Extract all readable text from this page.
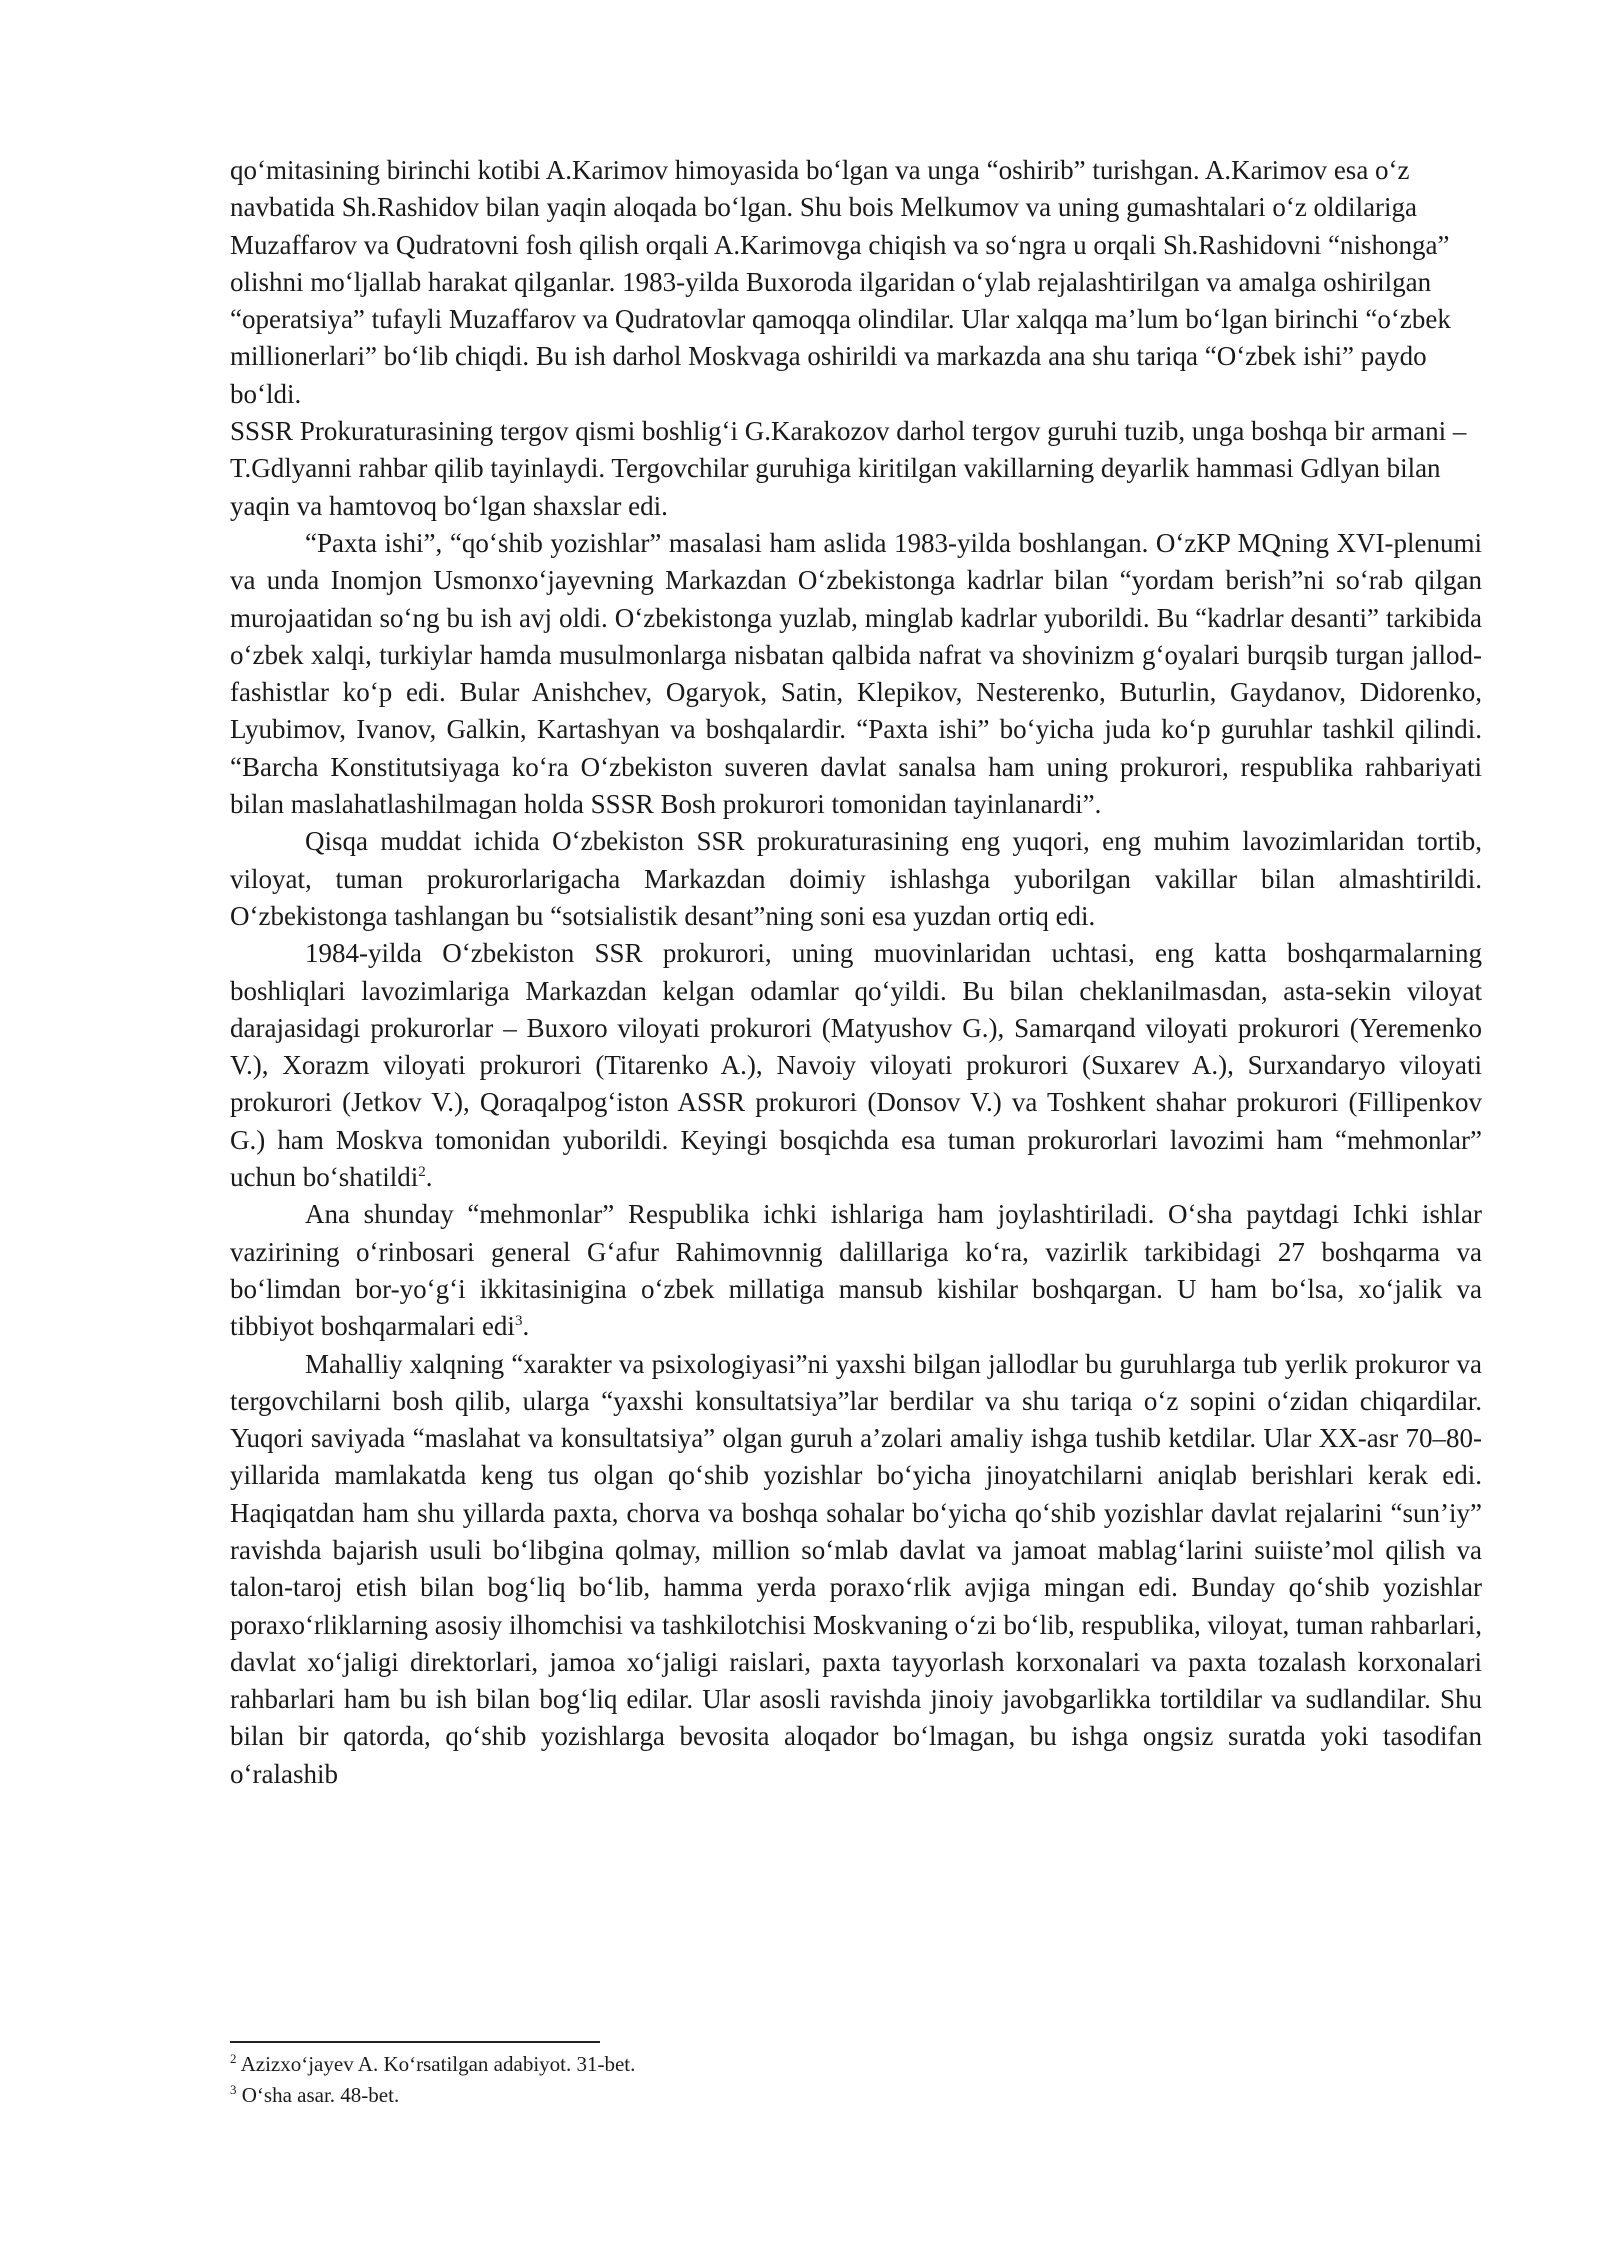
qo‘mitasining birinchi kotibi A.Karimov himoyasida bo‘lgan va unga “oshirib” turishgan. A.Karimov esa o‘z navbatida Sh.Rashidov bilan yaqin aloqada bo‘lgan. Shu bois Melkumov va uning gumashtalari o‘z oldilariga Muzaffarov va Qudratovni fosh qilish orqali A.Karimovga chiqish va so‘ngra u orqali Sh.Rashidovni “nishonga” olishni mo‘ljallab harakat qilganlar. 1983-yilda Buxoroda ilgaridan o‘ylab rejalashtirilgan va amalga oshirilgan “operatsiya” tufayli Muzaffarov va Qudratovlar qamoqqa olindilar. Ular xalqqa ma’lum bo‘lgan birinchi “o‘zbek millionerlari” bo‘lib chiqdi. Bu ish darhol Moskvaga oshirildi va markazda ana shu tariqa “O‘zbek ishi” paydo bo‘ldi.

SSSR Prokuraturasining tergov qismi boshlig‘i G.Karakozov darhol tergov guruhi tuzib, unga boshqa bir armani – T.Gdlyanni rahbar qilib tayinlaydi. Tergovchilar guruhiga kiritilgan vakillarning deyarlik hammasi Gdlyan bilan yaqin va hamtovoq bo‘lgan shaxslar edi.

“Paxta ishi”, “qo‘shib yozishlar” masalasi ham aslida 1983-yilda boshlangan. O‘zKP MQning XVI-plenumi va unda Inomjon Usmonxo‘jayevning Markazdan O‘zbekistonga kadrlar bilan “yordam berish”ni so‘rab qilgan murojaatidan so‘ng bu ish avj oldi. O‘zbekistonga yuzlab, minglab kadrlar yuborildi. Bu “kadrlar desanti” tarkibida o‘zbek xalqi, turkiylar hamda musulmonlarga nisbatan qalbida nafrat va shovinizm g‘oyalari burqsib turgan jallod-fashistlar ko‘p edi. Bular Anishchev, Ogaryok, Satin, Klepikov, Nesterenko, Buturlin, Gaydanov, Didorenko, Lyubimov, Ivanov, Galkin, Kartashyan va boshqalardir. “Paxta ishi” bo‘yicha juda ko‘p guruhlar tashkil qilindi. “Barcha Konstitutsiyaga ko‘ra O‘zbekiston suveren davlat sanalsa ham uning prokurori, respublika rahbariyati bilan maslahatlashilmagan holda SSSR Bosh prokurori tomonidan tayinlanardi”.

Qisqa muddat ichida O‘zbekiston SSR prokuraturasining eng yuqori, eng muhim lavozimlaridan tortib, viloyat, tuman prokurorlarigacha Markazdan doimiy ishlashga yuborilgan vakillar bilan almashtirildi. O‘zbekistonga tashlangan bu “sotsialistik desant”ning soni esa yuzdan ortiq edi.

1984-yilda O‘zbekiston SSR prokurori, uning muovinlaridan uchtasi, eng katta boshqarmalarning boshliqlari lavozimlariga Markazdan kelgan odamlar qo‘yildi. Bu bilan cheklanilmasdan, asta-sekin viloyat darajasidagi prokurorlar – Buxoro viloyati prokurori (Matyushov G.), Samarqand viloyati prokurori (Yeremenko V.), Xorazm viloyati prokurori (Titarenko A.), Navoiy viloyati prokurori (Suxarev A.), Surxandaryo viloyati prokurori (Jetkov V.), Qoraqalpog‘iston ASSR prokurori (Donsov V.) va Toshkent shahar prokurori (Fillipenkov G.) ham Moskva tomonidan yuborildi. Keyingi bosqichda esa tuman prokurorlari lavozimi ham “mehmonlar” uchun bo‘shatildi$^2$.

Ana shunday “mehmonlar” Respublika ichki ishlariga ham joylashtiriladi. O‘sha paytdagi Ichki ishlar vazirining o‘rinbosari general G‘afur Rahimovnnig dalillariga ko‘ra, vazirlik tarkibidagi 27 boshqarma va bo‘limdan bor-yo‘g‘i ikkitasinigina o‘zbek millatiga mansub kishilar boshqargan. U ham bo‘lsa, xo‘jalik va tibbiyot boshqarmalari edi$^3$.

Mahalliy xalqning “xarakter va psixologiyasi”ni yaxshi bilgan jallodlar bu guruhlarga tub yerlik prokuror va tergovchilarni bosh qilib, ularga “yaxshi konsultatsiya”lar berdilar va shu tariqa o‘z sopini o‘zidan chiqardilar. Yuqori saviyada “maslahat va konsultatsiya” olgan guruh a’zolari amaliy ishga tushib ketdilar. Ular XX-asr 70–80-yillarida mamlakatda keng tus olgan qo‘shib yozishlar bo‘yicha jinoyatchilarni aniqlab berishlari kerak edi. Haqiqatdan ham shu yillarda paxta, chorva va boshqa sohalar bo‘yicha qo‘shib yozishlar davlat rejalarini “sun’iy” ravishda bajarish usuli bo‘libgina qolmay, million so‘mlab davlat va jamoat mablag‘larini suiiste’mol qilish va talon-taroj etish bilan bog‘liq bo‘lib, hamma yerda poraxo‘rlik avjiga mingan edi. Bunday qo‘shib yozishlar poraxo‘rliklarning asosiy ilhomchisi va tashkilotchisi Moskvaning o‘zi bo‘lib, respublika, viloyat, tuman rahbarlari, davlat xo‘jaligi direktorlari, jamoa xo‘jaligi raislari, paxta tayyorlash korxonalari va paxta tozalash korxonalari rahbarlari ham bu ish bilan bog‘liq edilar. Ular asosli ravishda jinoiy javobgarlikka tortildilar va sudlandilar. Shu bilan bir qatorda, qo‘shib yozishlarga bevosita aloqador bo‘lmagan, bu ishga ongsiz suratda yoki tasodifan o‘ralashib

$^2$ Azizxo‘jayev A. Ko‘rsatilgan adabiyot. 31-bet.

$^3$ O‘sha asar. 48-bet.
